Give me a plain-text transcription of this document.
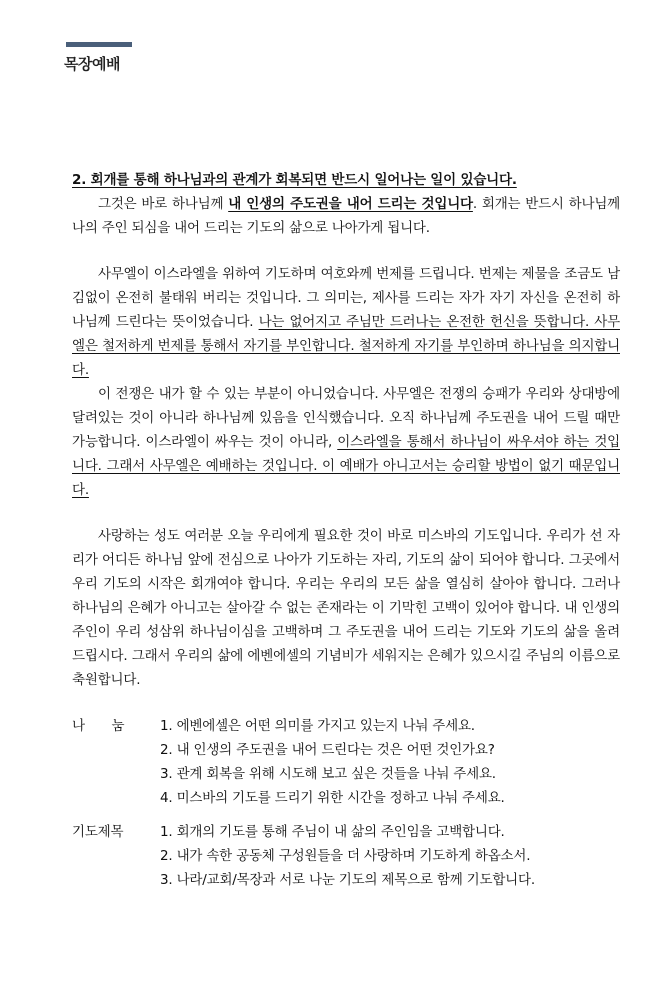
목장예배

2. 회개를 통해 하나님과의 관계가 회복되면 반드시 일어나는 일이 있습니다.

그것은 바로 하나님께 내 인생의 주도권을 내어 드리는 것입니다. 회개는 반드시 하나님께 나의 주인 되심을 내어 드리는 기도의 삶으로 나아가게 됩니다.

사무엘이 이스라엘을 위하여 기도하며 여호와께 번제를 드립니다. 번제는 제물을 조금도 남김없이 온전히 불태워 버리는 것입니다. 그 의미는, 제사를 드리는 자가 자기 자신을 온전히 하나님께 드린다는 뜻이었습니다. 나는 없어지고 주님만 드러나는 온전한 헌신을 뜻합니다. 사무엘은 철저하게 번제를 통해서 자기를 부인합니다. 철저하게 자기를 부인하며 하나님을 의지합니다.

이 전쟁은 내가 할 수 있는 부분이 아니었습니다. 사무엘은 전쟁의 승패가 우리와 상대방에 달려있는 것이 아니라 하나님께 있음을 인식했습니다. 오직 하나님께 주도권을 내어 드릴 때만 가능합니다. 이스라엘이 싸우는 것이 아니라, 이스라엘을 통해서 하나님이 싸우셔야 하는 것입니다. 그래서 사무엘은 예배하는 것입니다. 이 예배가 아니고서는 승리할 방법이 없기 때문입니다.

사랑하는 성도 여러분 오늘 우리에게 필요한 것이 바로 미스바의 기도입니다. 우리가 선 자리가 어디든 하나님 앞에 전심으로 나아가 기도하는 자리, 기도의 삶이 되어야 합니다. 그곳에서 우리 기도의 시작은 회개여야 합니다. 우리는 우리의 모든 삶을 열심히 살아야 합니다. 그러나 하나님의 은혜가 아니고는 살아갈 수 없는 존재라는 이 기막힌 고백이 있어야 합니다. 내 인생의 주인이 우리 성삼위 하나님이심을 고백하며 그 주도권을 내어 드리는 기도와 기도의 삶을 올려드립시다. 그래서 우리의 삶에 에벤에셀의 기념비가 세워지는 은혜가 있으시길 주님의 이름으로 축원합니다.

나　　눔	1. 에벤에셀은 어떤 의미를 가지고 있는지 나눠 주세요.
2. 내 인생의 주도권을 내어 드린다는 것은 어떤 것인가요?
3. 관계 회복을 위해 시도해 보고 싶은 것들을 나눠 주세요.
4. 미스바의 기도를 드리기 위한 시간을 정하고 나눠 주세요.
기도제목	1. 회개의 기도를 통해 주님이 내 삶의 주인임을 고백합니다.
2. 내가 속한 공동체 구성원들을 더 사랑하며 기도하게 하옵소서.
3. 나라/교회/목장과 서로 나눈 기도의 제목으로 함께 기도합니다.
